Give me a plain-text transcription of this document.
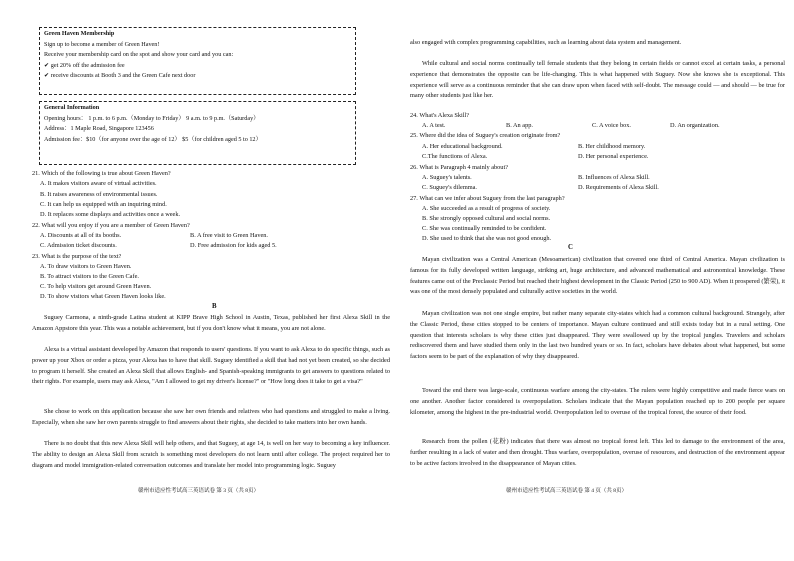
Green Haven Membership
Sign up to become a member of Green Haven!
Receive your membership card on the spot and show your card and you can:
✔ get 20% off the admission fee
✔ receive discounts at Booth 3 and the Green Cafe next door
General Information
Opening hours： 1 p.m. to 6 p.m.（Monday to Friday） 9 a.m. to 9 p.m.（Saturday）
Address：1 Maple Road, Singapore 123456
Admission fee：$10（for anyone over the age of 12） $5（for children aged 5 to 12）
21. Which of the following is true about Green Haven?
A. It makes visitors aware of virtual activities.
B. It raises awareness of environmental issues.
C. It can help us equipped with an inquiring mind.
D. It replaces some displays and activities once a week.
22. What will you enjoy if you are a member of Green Haven?
A. Discounts at all of its booths.	B. A free visit to Green Haven.
C. Admission ticket discounts.	D. Free admission for kids aged 5.
23. What is the purpose of the text?
A. To draw visitors to Green Haven.
B. To attract visitors to the Green Cafe.
C. To help visitors get around Green Haven.
D. To show visitors what Green Haven looks like.
B
Suguey Carmona, a ninth-grade Latina student at KIPP Brave High School in Austin, Texas, published her first Alexa Skill in the Amazon Appstore this year. This was a notable achievement, but if you don't know what it means, you are not alone.
Alexa is a virtual assistant developed by Amazon that responds to users' questions. If you want to ask Alexa to do specific things, such as power up your Xbox or order a pizza, your Alexa has to have that skill. Suguey identified a skill that had not yet been created, so she decided to program it herself. She created an Alexa Skill that allows English- and Spanish-speaking immigrants to get answers to questions related to their rights. For example, users may ask Alexa, "Am I allowed to get my driver's license?" or "How long does it take to get a visa?"
She chose to work on this application because she saw her own friends and relatives who had questions and struggled to make a living. Especially, when she saw her own parents struggle to find answers about their rights, she decided to take matters into her own hands.
There is no doubt that this new Alexa Skill will help others, and that Suguey, at age 14, is well on her way to becoming a key influencer. The ability to design an Alexa Skill from scratch is something most developers do not learn until after college. The project required her to diagram and model immigration-related conversation outcomes and translate her model into programming logic. Suguey
赣州市适应性考试高三英语试卷 第 3 页（共 8页）
also engaged with complex programming capabilities, such as learning about data system and management.
While cultural and social norms continually tell female students that they belong in certain fields or cannot excel at certain tasks, a personal experience that demonstrates the opposite can be life-changing. This is what happened with Suguey. Now she knows she is exceptional. This experience will serve as a continuous reminder that she can draw upon when faced with self-doubt. The message could — and should — be true for many other students just like her.
24. What's Alexa Skill?
A. A test.	B. An app.	C. A voice box.	D. An organization.
25. Where did the idea of Suguey's creation originate from?
A. Her educational background.	B. Her childhood memory.
C.The functions of Alexa.	D. Her personal experience.
26. What is Paragraph 4 mainly about?
A. Suguey's talents.	B. Influences of Alexa Skill.
C. Suguey's dilemma.	D. Requirements of Alexa Skill.
27. What can we infer about Suguey from the last paragraph?
A. She succeeded as a result of progress of society.
B. She strongly opposed cultural and social norms.
C. She was continually reminded to be confident.
D. She used to think that she was not good enough.
C
Mayan civilization was a Central American (Mesoamerican) civilization that covered one third of Central America. Mayan civilization is famous for its fully developed written language, striking art, huge architecture, and advanced mathematical and astronomical knowledge. These features came out of the Preclassic Period but reached their highest development in the Classic Period (250 to 900 AD). When it prospered (繁荣), it was one of the most densely populated and culturally active societies in the world.
Mayan civilization was not one single empire, but rather many separate city-states which had a common cultural background. Strangely, after the Classic Period, these cities stopped to be centers of importance. Mayan culture continued and still exists today but in a rural setting. One question that interests scholars is why these cities just disappeared. They were swallowed up by the tropical jungles. Travelers and scholars rediscovered them and have studied them only in the last two hundred years or so. In fact, scholars have debates about what happened, but some factors seem to be part of the explanation of why they disappeared.
Toward the end there was large-scale, continuous warfare among the city-states. The rulers were highly competitive and made fierce wars on one another. Another factor considered is overpopulation. Scholars indicate that the Mayan population reached up to 200 people per square kilometer, among the highest in the pre-industrial world. Overpopulation led to overuse of the tropical forest, the source of their food.
Research from the pollen (花粉) indicates that there was almost no tropical forest left. This led to damage to the environment of the area, further resulting in a lack of water and then drought. Thus warfare, overpopulation, overuse of resources, and destruction of the environment appear to be active factors involved in the disappearance of Mayan cities.
赣州市适应性考试高三英语试卷 第 4 页（共 8页）
